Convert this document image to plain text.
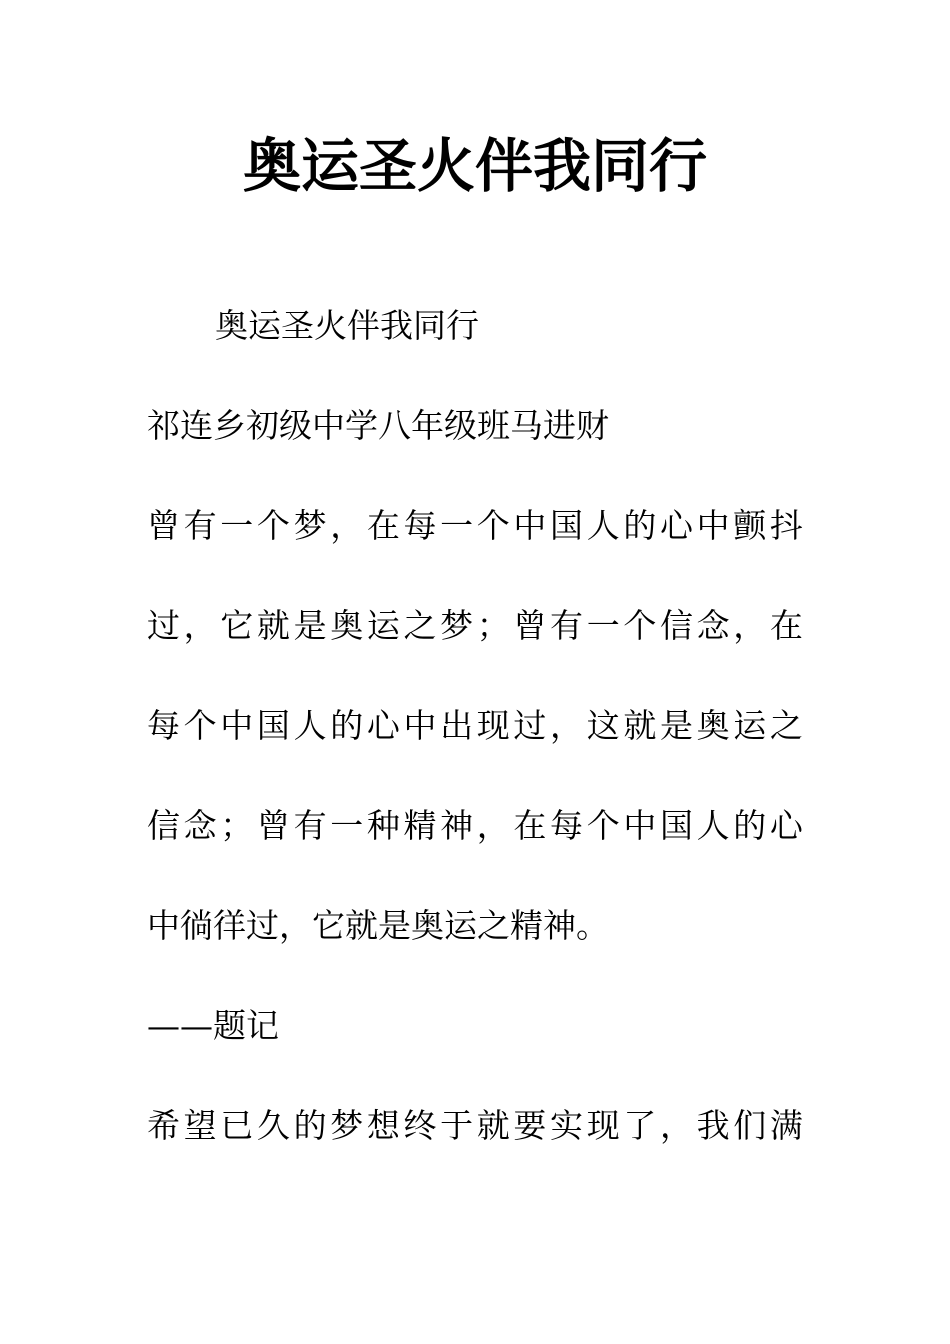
奥运圣火伴我同行
奥运圣火伴我同行
祁连乡初级中学八年级班马进财
曾 有 一 个 梦 ， 在 每 一 个 中 国 人 的 心 中 颤 抖
过 ， 它 就 是 奥 运 之 梦 ； 曾 有 一 个 信 念 ， 在
每 个 中 国 人 的 心 中 出 现 过 ， 这 就 是 奥 运 之
信 念 ； 曾 有 一 种 精 神 ， 在 每 个 中 国 人 的 心
中徜徉过，它就是奥运之精神。
——题记
希 望 已 久 的 梦 想 终 于 就 要 实 现 了 ， 我 们 满
